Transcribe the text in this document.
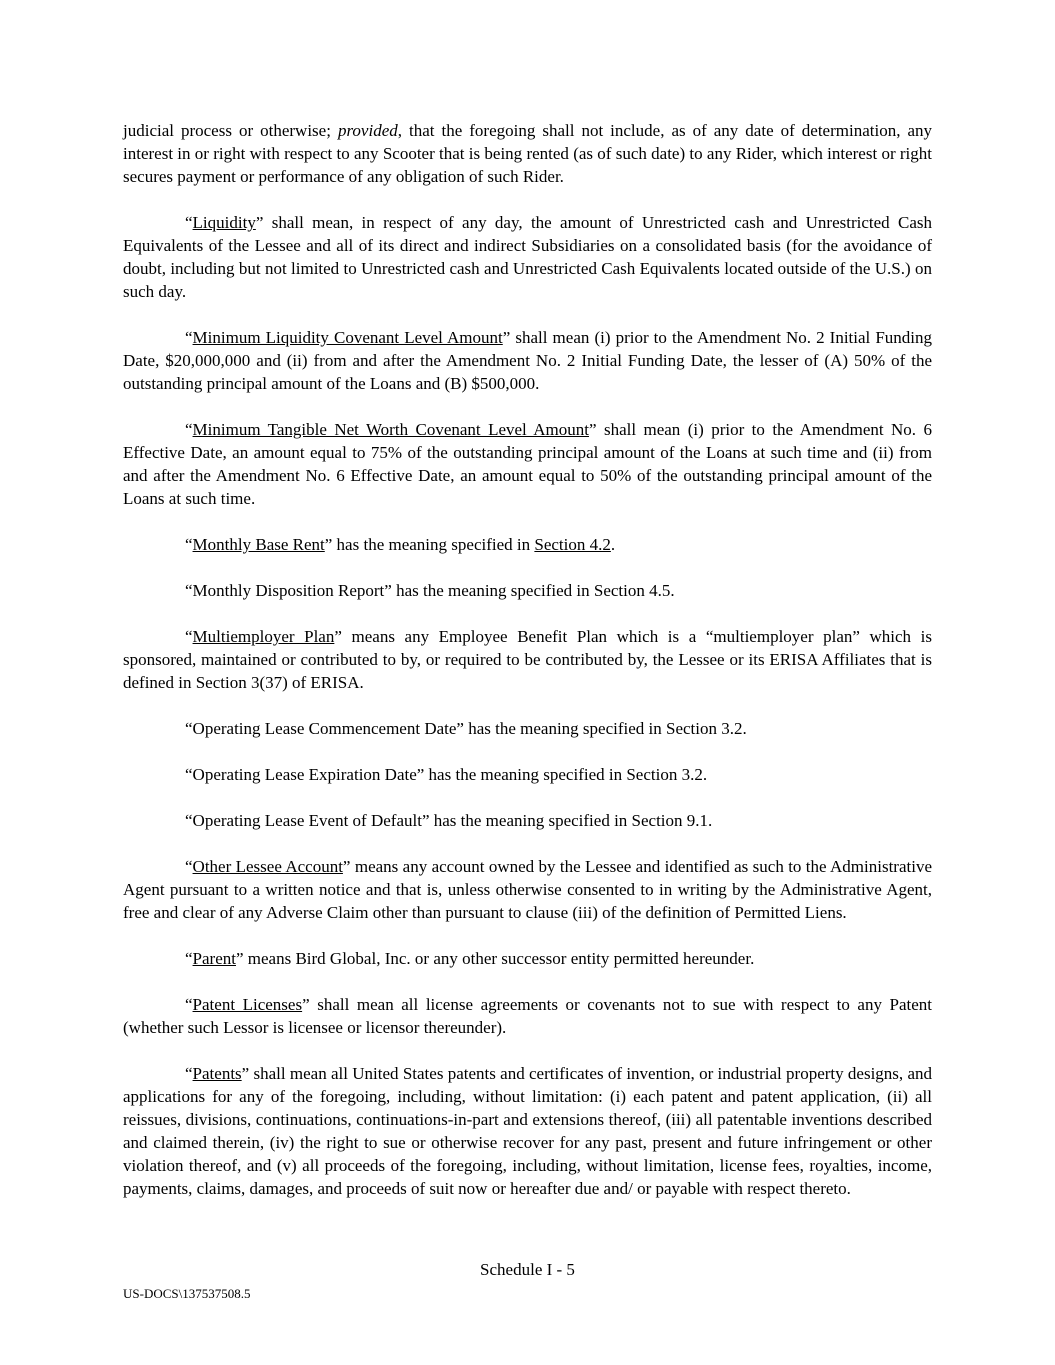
judicial process or otherwise; provided, that the foregoing shall not include, as of any date of determination, any interest in or right with respect to any Scooter that is being rented (as of such date) to any Rider, which interest or right secures payment or performance of any obligation of such Rider.

“Liquidity” shall mean, in respect of any day, the amount of Unrestricted cash and Unrestricted Cash Equivalents of the Lessee and all of its direct and indirect Subsidiaries on a consolidated basis (for the avoidance of doubt, including but not limited to Unrestricted cash and Unrestricted Cash Equivalents located outside of the U.S.) on such day.

“Minimum Liquidity Covenant Level Amount” shall mean (i) prior to the Amendment No. 2 Initial Funding Date, $20,000,000 and (ii) from and after the Amendment No. 2 Initial Funding Date, the lesser of (A) 50% of the outstanding principal amount of the Loans and (B) $500,000.

“Minimum Tangible Net Worth Covenant Level Amount” shall mean (i) prior to the Amendment No. 6 Effective Date, an amount equal to 75% of the outstanding principal amount of the Loans at such time and (ii) from and after the Amendment No. 6 Effective Date, an amount equal to 50% of the outstanding principal amount of the Loans at such time.

“Monthly Base Rent” has the meaning specified in Section 4.2.

“Monthly Disposition Report” has the meaning specified in Section 4.5.

“Multiemployer Plan” means any Employee Benefit Plan which is a “multiemployer plan” which is sponsored, maintained or contributed to by, or required to be contributed by, the Lessee or its ERISA Affiliates that is defined in Section 3(37) of ERISA.

“Operating Lease Commencement Date” has the meaning specified in Section 3.2.

“Operating Lease Expiration Date” has the meaning specified in Section 3.2.

“Operating Lease Event of Default” has the meaning specified in Section 9.1.

“Other Lessee Account” means any account owned by the Lessee and identified as such to the Administrative Agent pursuant to a written notice and that is, unless otherwise consented to in writing by the Administrative Agent, free and clear of any Adverse Claim other than pursuant to clause (iii) of the definition of Permitted Liens.

“Parent” means Bird Global, Inc. or any other successor entity permitted hereunder.

“Patent Licenses” shall mean all license agreements or covenants not to sue with respect to any Patent (whether such Lessor is licensee or licensor thereunder).

“Patents” shall mean all United States patents and certificates of invention, or industrial property designs, and applications for any of the foregoing, including, without limitation: (i) each patent and patent application, (ii) all reissues, divisions, continuations, continuations-in-part and extensions thereof, (iii) all patentable inventions described and claimed therein, (iv) the right to sue or otherwise recover for any past, present and future infringement or other violation thereof, and (v) all proceeds of the foregoing, including, without limitation, license fees, royalties, income, payments, claims, damages, and proceeds of suit now or hereafter due and/ or payable with respect thereto.

Schedule I - 5
US-DOCS\137537508.5
